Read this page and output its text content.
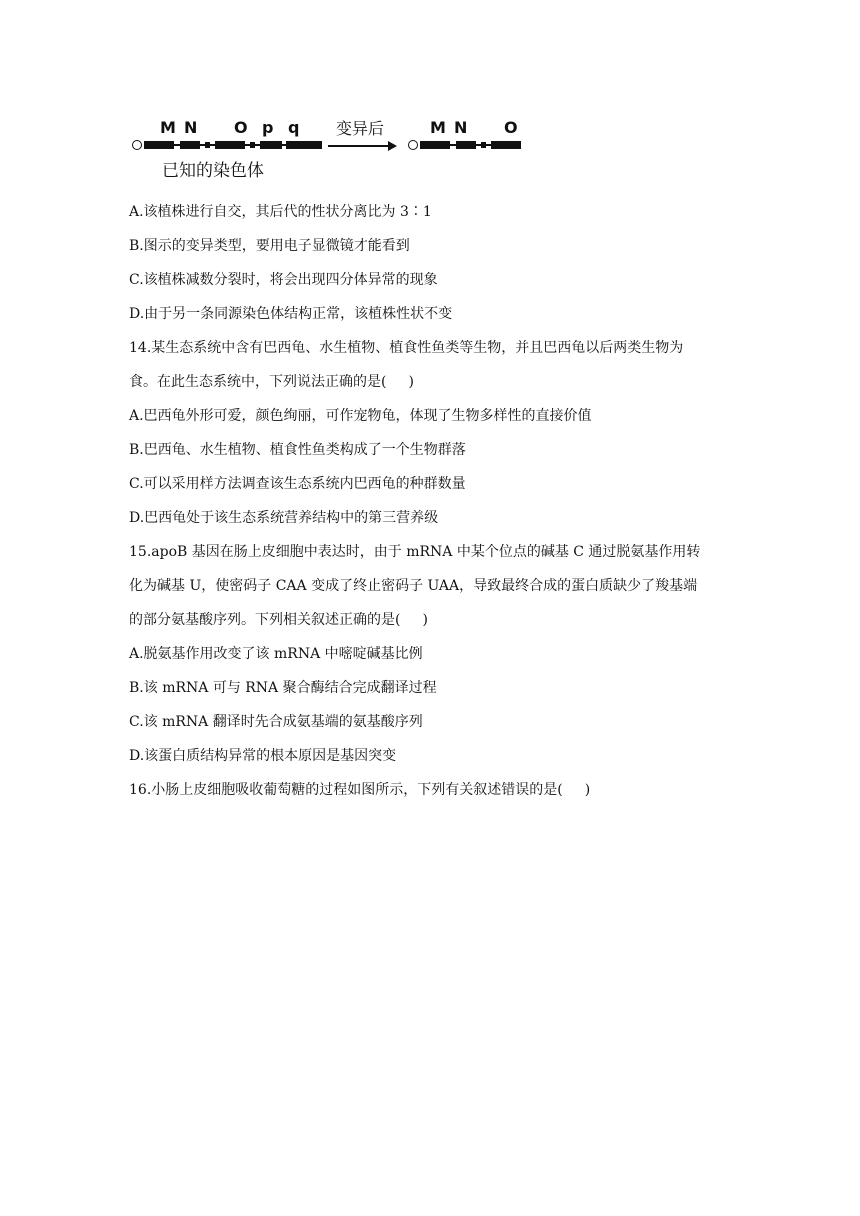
M N O p q 变异后	M N O
已知的染色体
A.该植株进行自交，其后代的性状分离比为 3∶1
B.图示的变异类型，要用电子显微镜才能看到
C.该植株减数分裂时，将会出现四分体异常的现象
D.由于另一条同源染色体结构正常，该植株性状不变
14.某生态系统中含有巴西龟、水生植物、植食性鱼类等生物，并且巴西龟以后两类生物为
食。在此生态系统中，下列说法正确的是( )
A.巴西龟外形可爱，颜色绚丽，可作宠物龟，体现了生物多样性的直接价值
B.巴西龟、水生植物、植食性鱼类构成了一个生物群落
C.可以采用样方法调查该生态系统内巴西龟的种群数量
D.巴西龟处于该生态系统营养结构中的第三营养级
15.apoB 基因在肠上皮细胞中表达时，由于 mRNA 中某个位点的碱基 C 通过脱氨基作用转
化为碱基 U，使密码子 CAA 变成了终止密码子 UAA，导致最终合成的蛋白质缺少了羧基端
的部分氨基酸序列。下列相关叙述正确的是( )
A.脱氨基作用改变了该 mRNA 中嘧啶碱基比例
B.该 mRNA 可与 RNA 聚合酶结合完成翻译过程
C.该 mRNA 翻译时先合成氨基端的氨基酸序列
D.该蛋白质结构异常的根本原因是基因突变
16.小肠上皮细胞吸收葡萄糖的过程如图所示，下列有关叙述错误的是( )
